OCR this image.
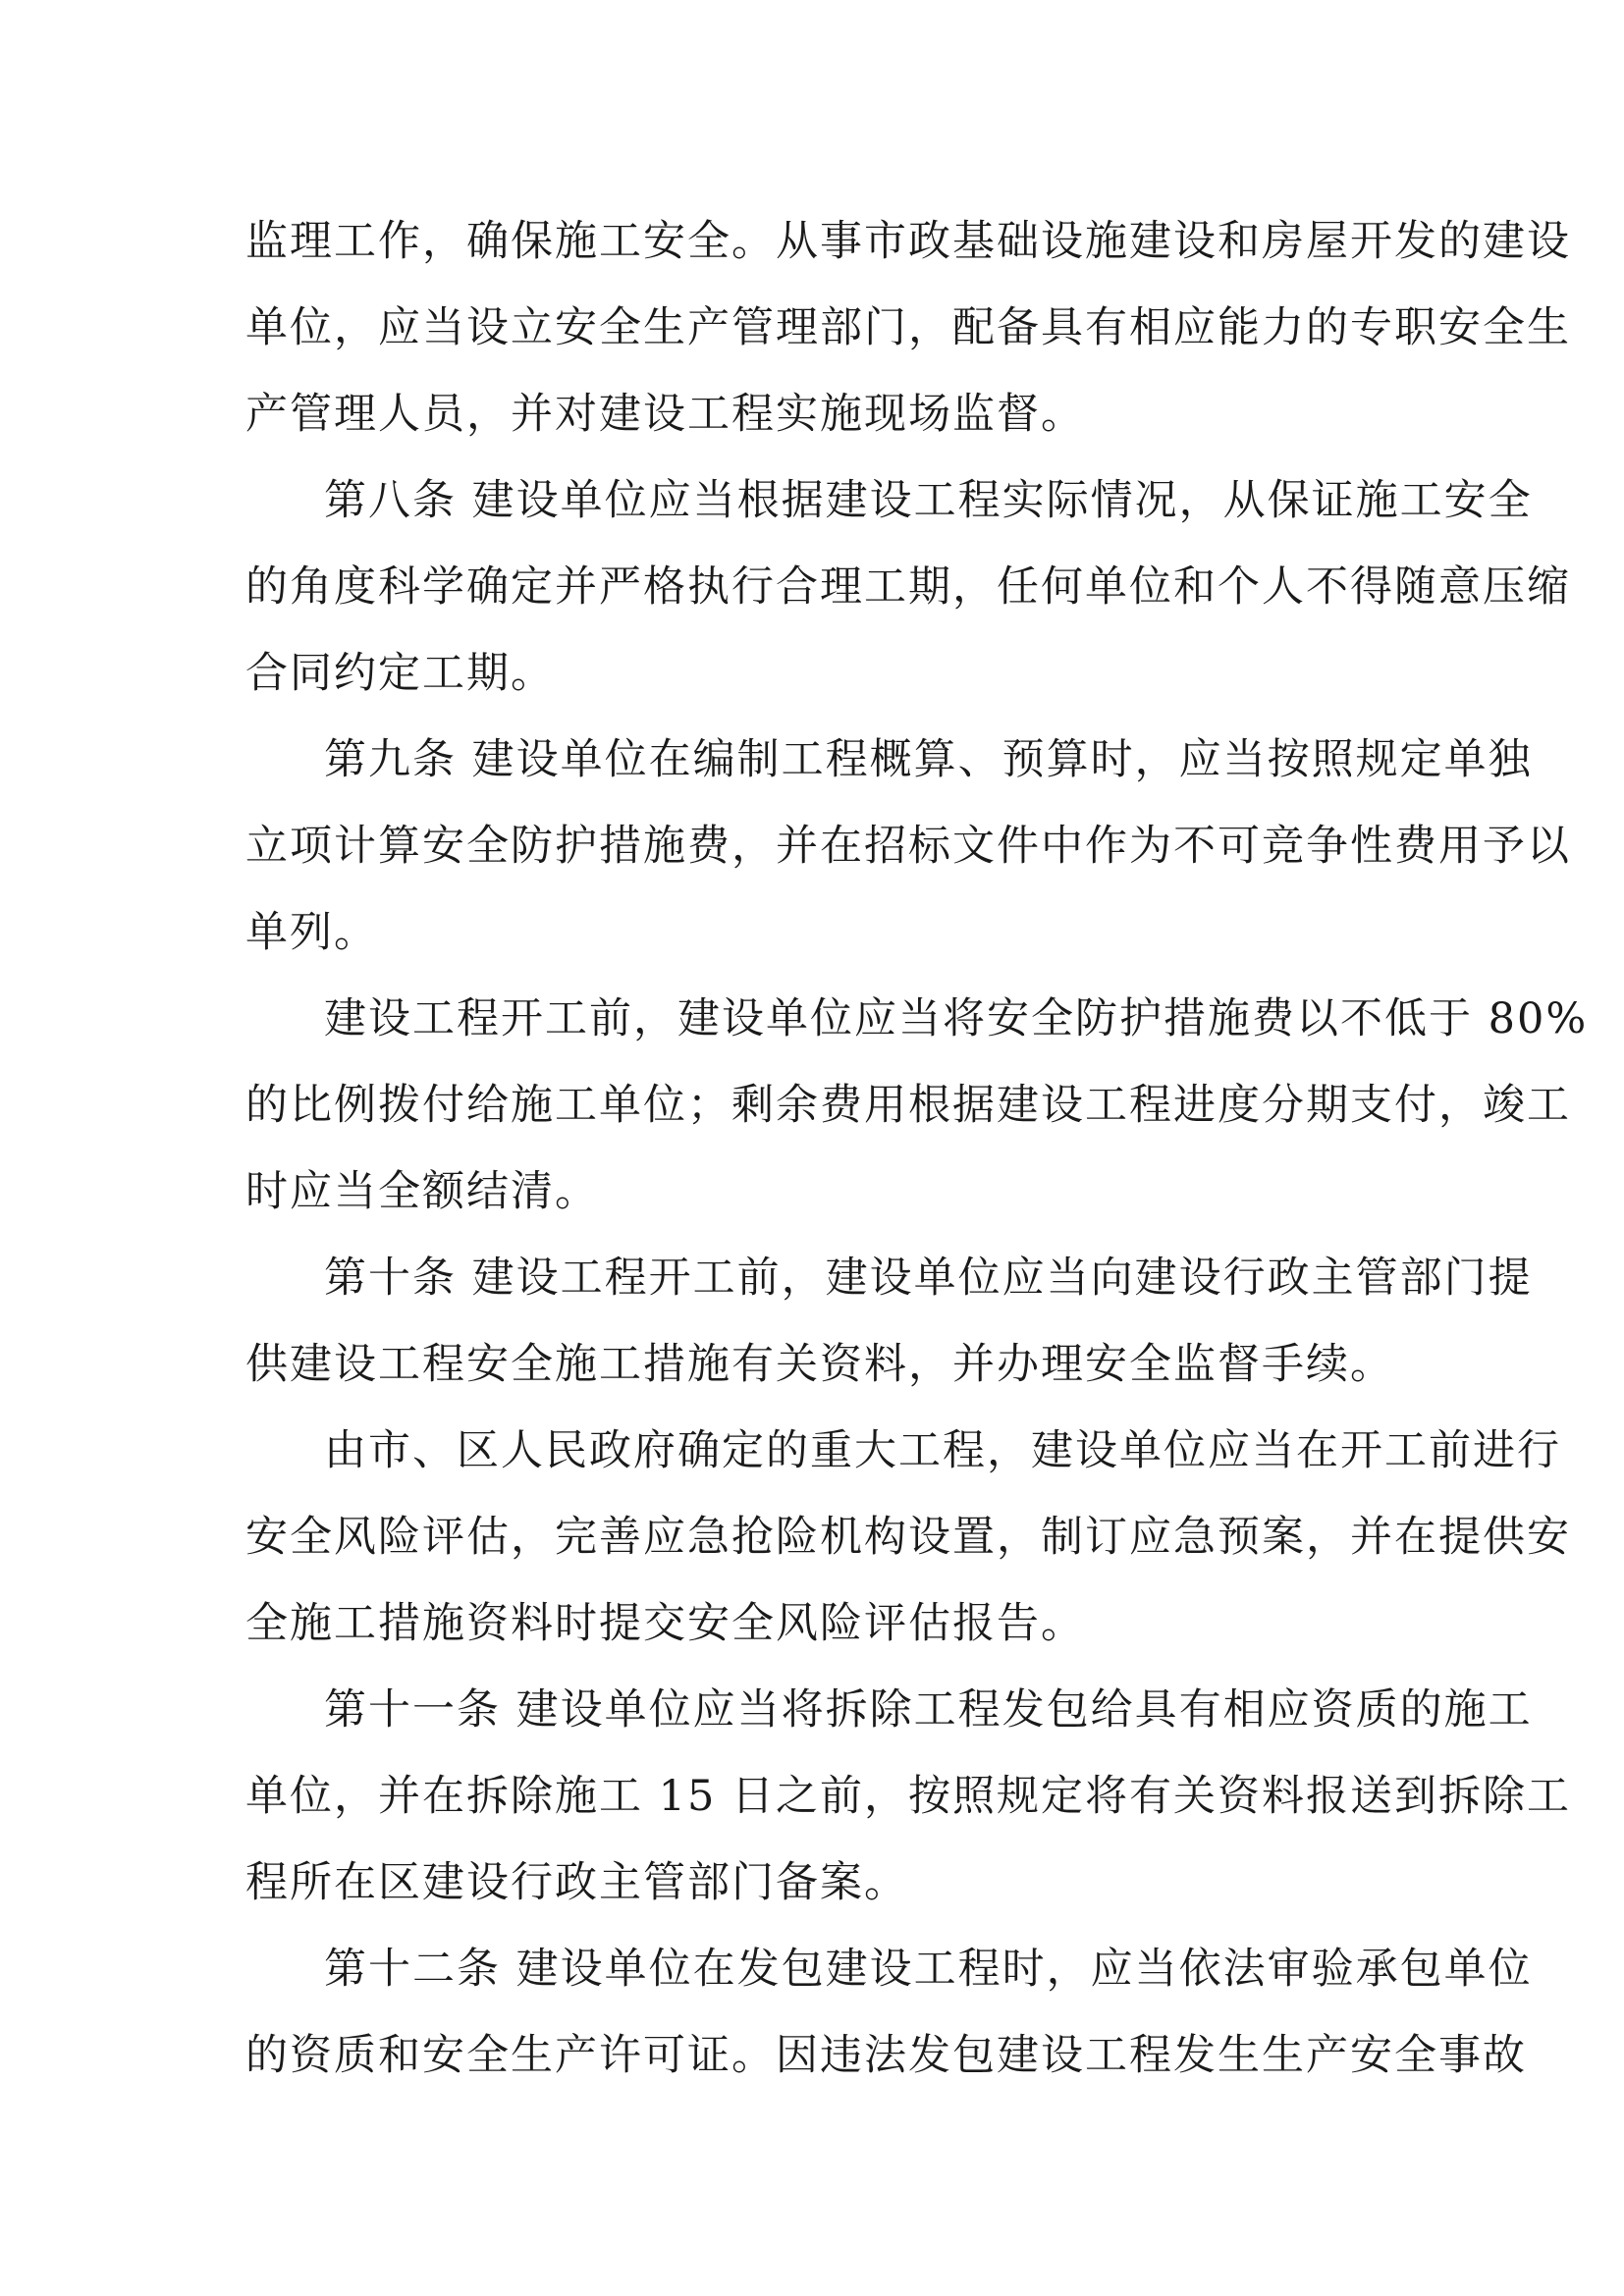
监理工作，确保施工安全。从事市政基础设施建设和房屋开发的建设
单位，应当设立安全生产管理部门，配备具有相应能力的专职安全生
产管理人员，并对建设工程实施现场监督。
第八条 建设单位应当根据建设工程实际情况，从保证施工安全
的角度科学确定并严格执行合理工期，任何单位和个人不得随意压缩
合同约定工期。
第九条 建设单位在编制工程概算、预算时，应当按照规定单独
立项计算安全防护措施费，并在招标文件中作为不可竞争性费用予以
单列。
建设工程开工前，建设单位应当将安全防护措施费以不低于 80%
的比例拨付给施工单位；剩余费用根据建设工程进度分期支付，竣工
时应当全额结清。
第十条 建设工程开工前，建设单位应当向建设行政主管部门提
供建设工程安全施工措施有关资料，并办理安全监督手续。
由市、区人民政府确定的重大工程，建设单位应当在开工前进行
安全风险评估，完善应急抢险机构设置，制订应急预案，并在提供安
全施工措施资料时提交安全风险评估报告。
第十一条 建设单位应当将拆除工程发包给具有相应资质的施工
单位，并在拆除施工 15 日之前，按照规定将有关资料报送到拆除工
程所在区建设行政主管部门备案。
第十二条 建设单位在发包建设工程时，应当依法审验承包单位
的资质和安全生产许可证。因违法发包建设工程发生生产安全事故
